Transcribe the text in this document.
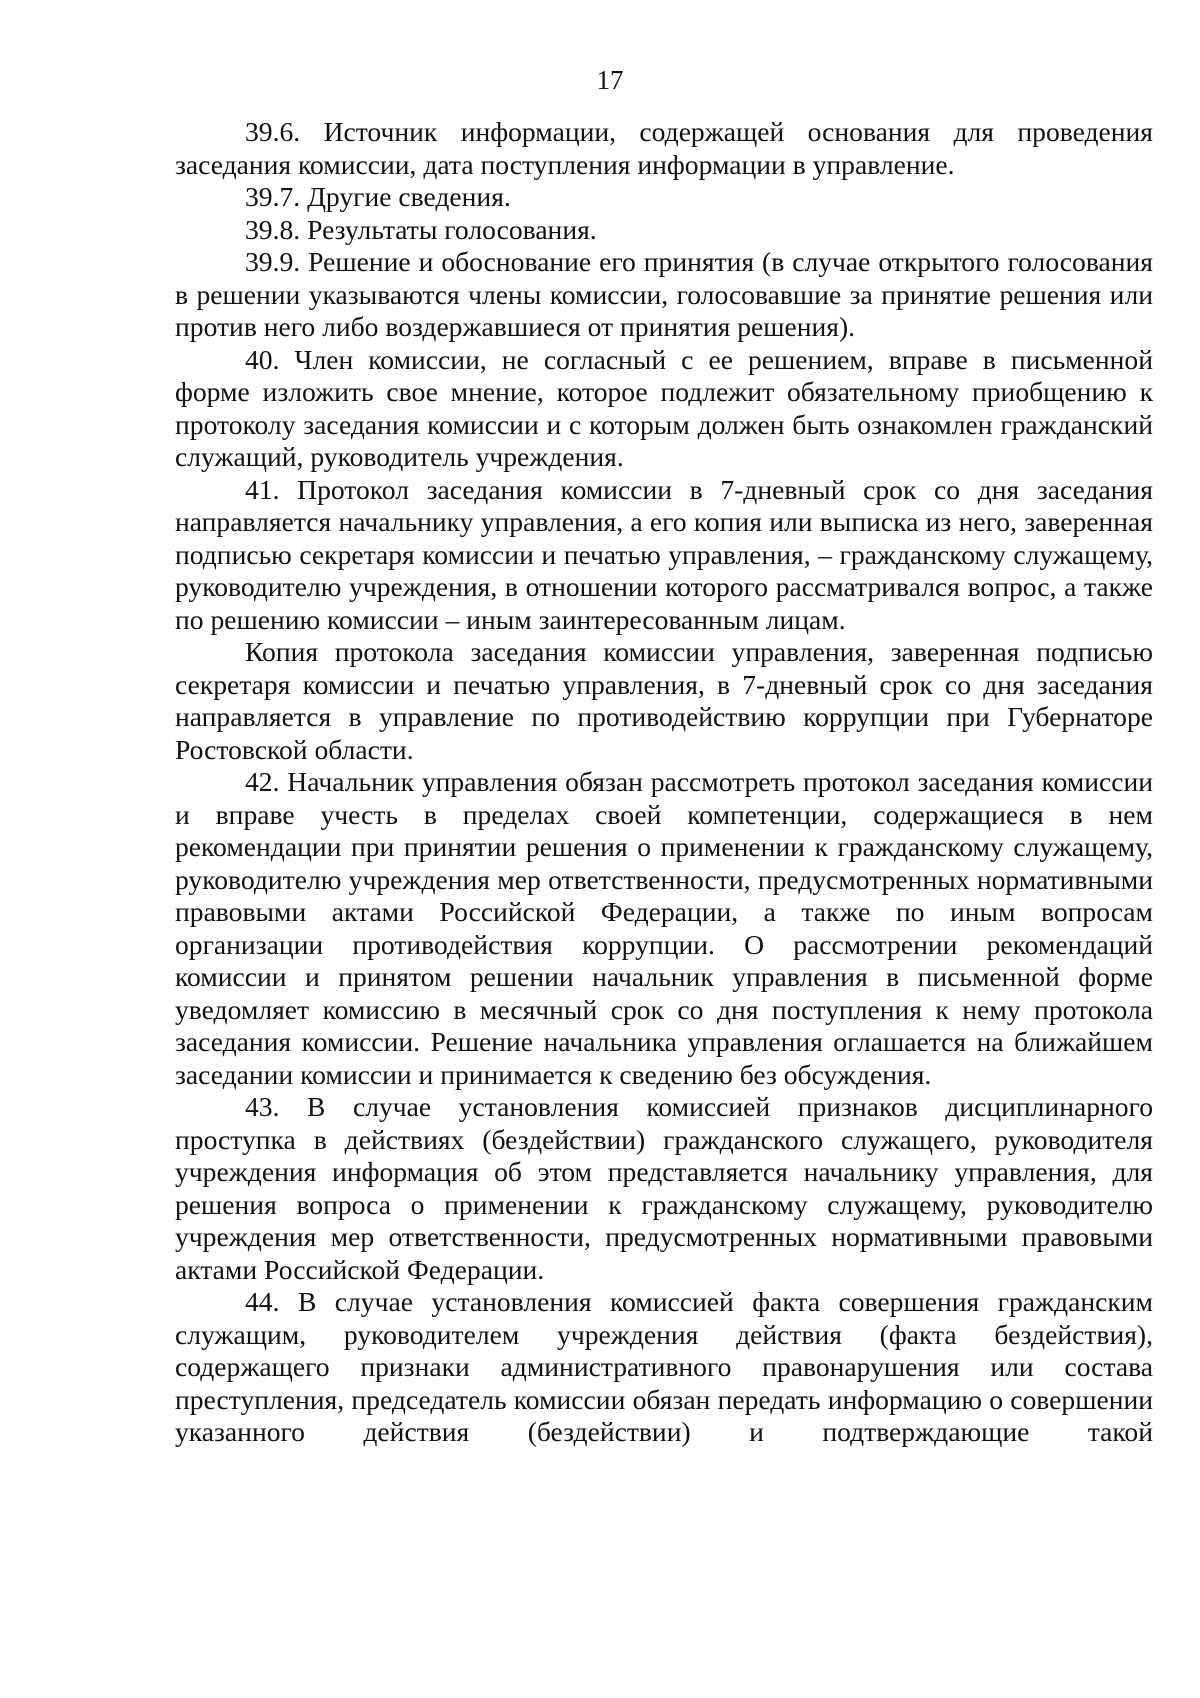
17

39.6. Источник информации, содержащей основания для проведения заседания комиссии, дата поступления информации в управление.

39.7. Другие сведения.

39.8. Результаты голосования.

39.9. Решение и обоснование его принятия (в случае открытого голосования в решении указываются члены комиссии, голосовавшие за принятие решения или против него либо воздержавшиеся от принятия решения).

40. Член комиссии, не согласный с ее решением, вправе в письменной форме изложить свое мнение, которое подлежит обязательному приобщению к протоколу заседания комиссии и с которым должен быть ознакомлен гражданский служащий, руководитель учреждения.

41. Протокол заседания комиссии в 7-дневный срок со дня заседания направляется начальнику управления, а его копия или выписка из него, заверенная подписью секретаря комиссии и печатью управления, – гражданскому служащему, руководителю учреждения, в отношении которого рассматривался вопрос, а также по решению комиссии – иным заинтересованным лицам.

Копия протокола заседания комиссии управления, заверенная подписью секретаря комиссии и печатью управления, в 7-дневный срок со дня заседания направляется в управление по противодействию коррупции при Губернаторе Ростовской области.

42. Начальник управления обязан рассмотреть протокол заседания комиссии и вправе учесть в пределах своей компетенции, содержащиеся в нем рекомендации при принятии решения о применении к гражданскому служащему, руководителю учреждения мер ответственности, предусмотренных нормативными правовыми актами Российской Федерации, а также по иным вопросам организации противодействия коррупции. О рассмотрении рекомендаций комиссии и принятом решении начальник управления в письменной форме уведомляет комиссию в месячный срок со дня поступления к нему протокола заседания комиссии. Решение начальника управления оглашается на ближайшем заседании комиссии и принимается к сведению без обсуждения.

43. В случае установления комиссией признаков дисциплинарного проступка в действиях (бездействии) гражданского служащего, руководителя учреждения информация об этом представляется начальнику управления, для решения вопроса о применении к гражданскому служащему, руководителю учреждения мер ответственности, предусмотренных нормативными правовыми актами Российской Федерации.

44. В случае установления комиссией факта совершения гражданским служащим, руководителем учреждения действия (факта бездействия), содержащего признаки административного правонарушения или состава преступления, председатель комиссии обязан передать информацию о совершении указанного действия (бездействии) и подтверждающие такой
